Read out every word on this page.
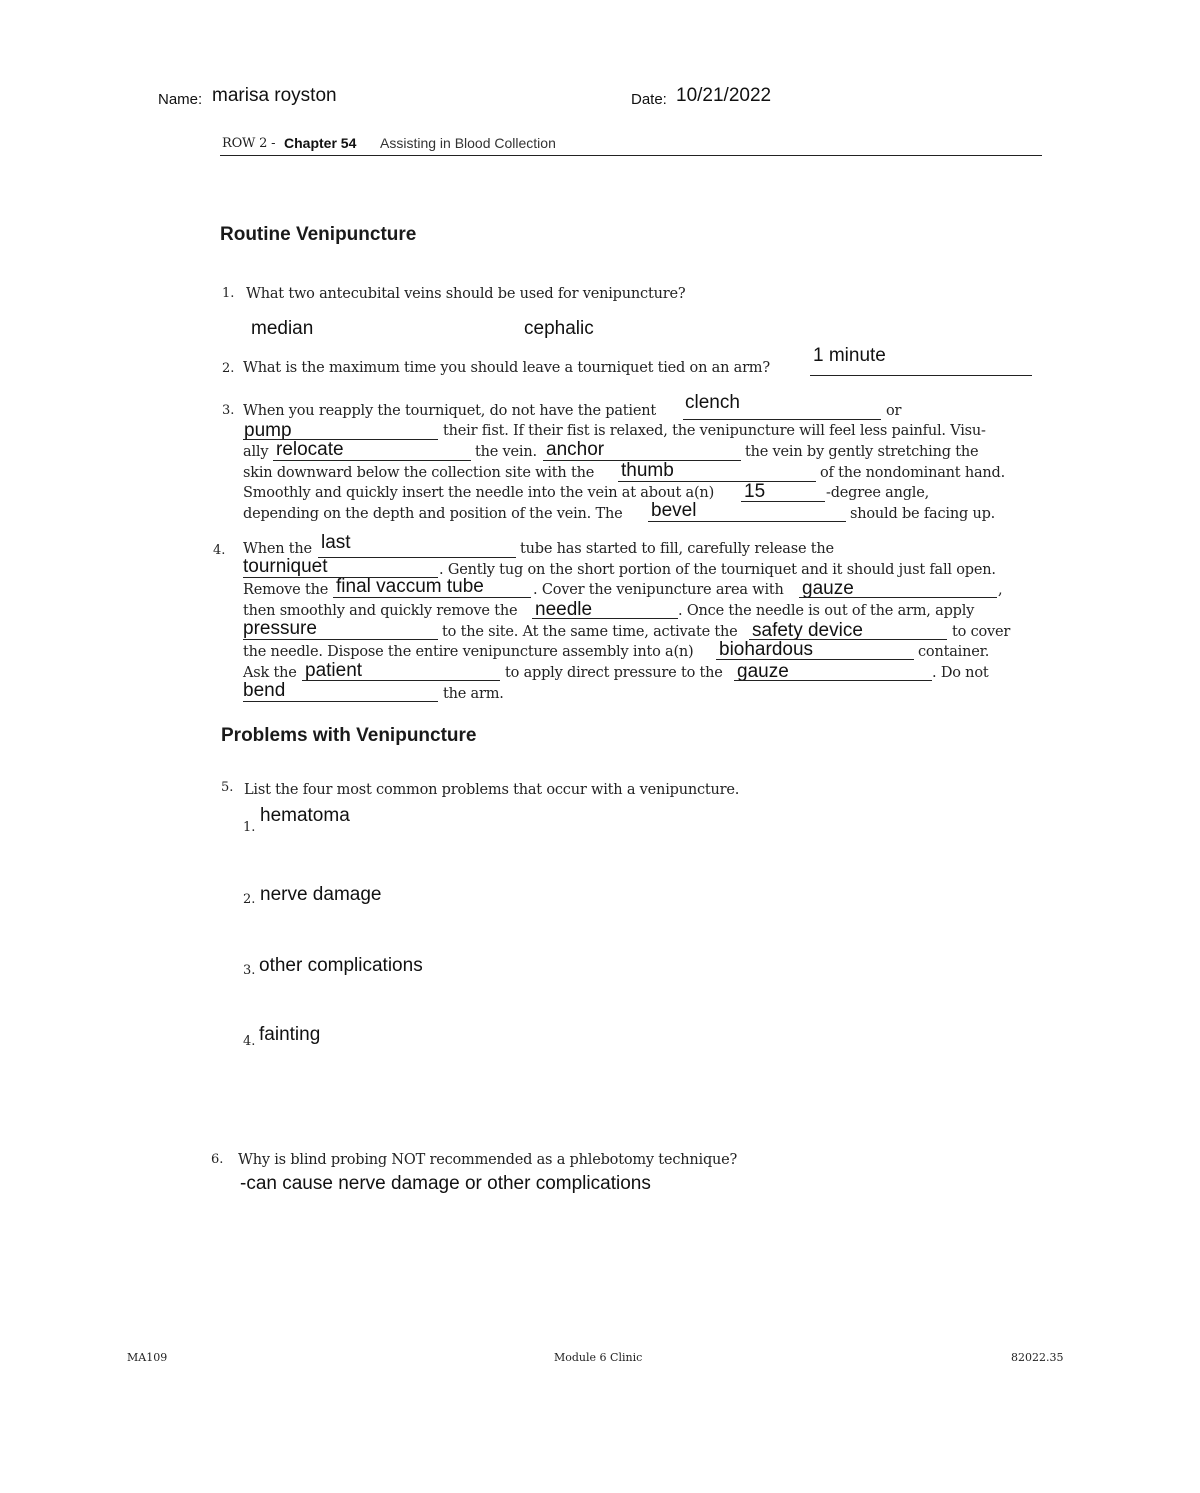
Name: marisa royston	Date: 10/21/2022
ROW 2 - Chapter 54 Assisting in Blood Collection
Routine Venipuncture
1. What two antecubital veins should be used for venipuncture?
median	cephalic
2. What is the maximum time you should leave a tourniquet tied on an arm?
1 minute
3. When you reapply the tourniquet, do not have the patient clench	or
pump	their fist. If their fist is relaxed, the venipuncture will feel less painful. Visu-
ally relocate	the vein. anchor	the vein by gently stretching the
skin downward below the collection site with the thumb	of the nondominant hand.
Smoothly and quickly insert the needle into the vein at about a(n) 15	-degree angle,
depending on the depth and position of the vein. The bevel	should be facing up.
4. When the last	tube has started to fill, carefully release the
tourniquet	. Gently tug on the short portion of the tourniquet and it should just fall open.
Remove the final vaccum tube	. Cover the venipuncture area with gauze	,
then smoothly and quickly remove the needle	. Once the needle is out of the arm, apply
pressure	to the site. At the same time, activate the safety device	to cover
the needle. Dispose the entire venipuncture assembly into a(n) biohardous	container.
Ask the patient	to apply direct pressure to the gauze	. Do not
bend	the arm.
Problems with Venipuncture
5. List the four most common problems that occur with a venipuncture.
1.
hematoma
2. nerve damage
3. other complications
4. fainting
6. Why is blind probing NOT recommended as a phlebotomy technique?
-can cause nerve damage or other complications
MA109	Module 6 Clinic	82022.35
